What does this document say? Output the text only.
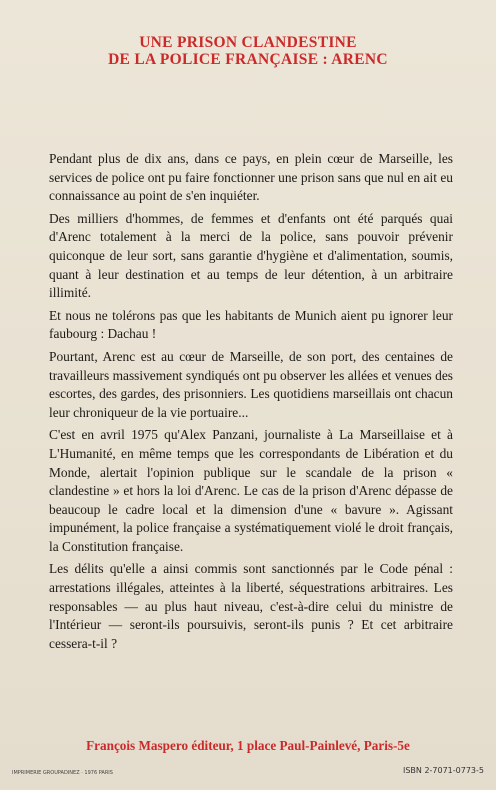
UNE PRISON CLANDESTINE
DE LA POLICE FRANÇAISE : ARENC

Pendant plus de dix ans, dans ce pays, en plein cœur de Marseille, les services de police ont pu faire fonctionner une prison sans que nul en ait eu connaissance au point de s'en inquiéter.

Des milliers d'hommes, de femmes et d'enfants ont été parqués quai d'Arenc totalement à la merci de la police, sans pouvoir prévenir quiconque de leur sort, sans garantie d'hygiène et d'alimentation, soumis, quant à leur destination et au temps de leur détention, à un arbitraire illimité.

Et nous ne tolérons pas que les habitants de Munich aient pu ignorer leur faubourg : Dachau !

Pourtant, Arenc est au cœur de Marseille, de son port, des centaines de travailleurs massivement syndiqués ont pu observer les allées et venues des escortes, des gardes, des prisonniers. Les quotidiens marseillais ont chacun leur chroniqueur de la vie portuaire...

C'est en avril 1975 qu'Alex Panzani, journaliste à La Marseillaise et à L'Humanité, en même temps que les correspondants de Libération et du Monde, alertait l'opinion publique sur le scandale de la prison « clandestine » et hors la loi d'Arenc. Le cas de la prison d'Arenc dépasse de beaucoup le cadre local et la dimension d'une « bavure ». Agissant impunément, la police française a systématiquement violé le droit français, la Constitution française.

Les délits qu'elle a ainsi commis sont sanctionnés par le Code pénal : arrestations illégales, atteintes à la liberté, séquestrations arbitraires. Les responsables — au plus haut niveau, c'est-à-dire celui du ministre de l'Intérieur — seront-ils poursuivis, seront-ils punis ? Et cet arbitraire cessera-t-il ?

François Maspero éditeur, 1 place Paul-Painlevé, Paris-5e
IMPRIMERIE GROUPADINEZ · 1976 PARIS	ISBN 2-7071-0773-5
